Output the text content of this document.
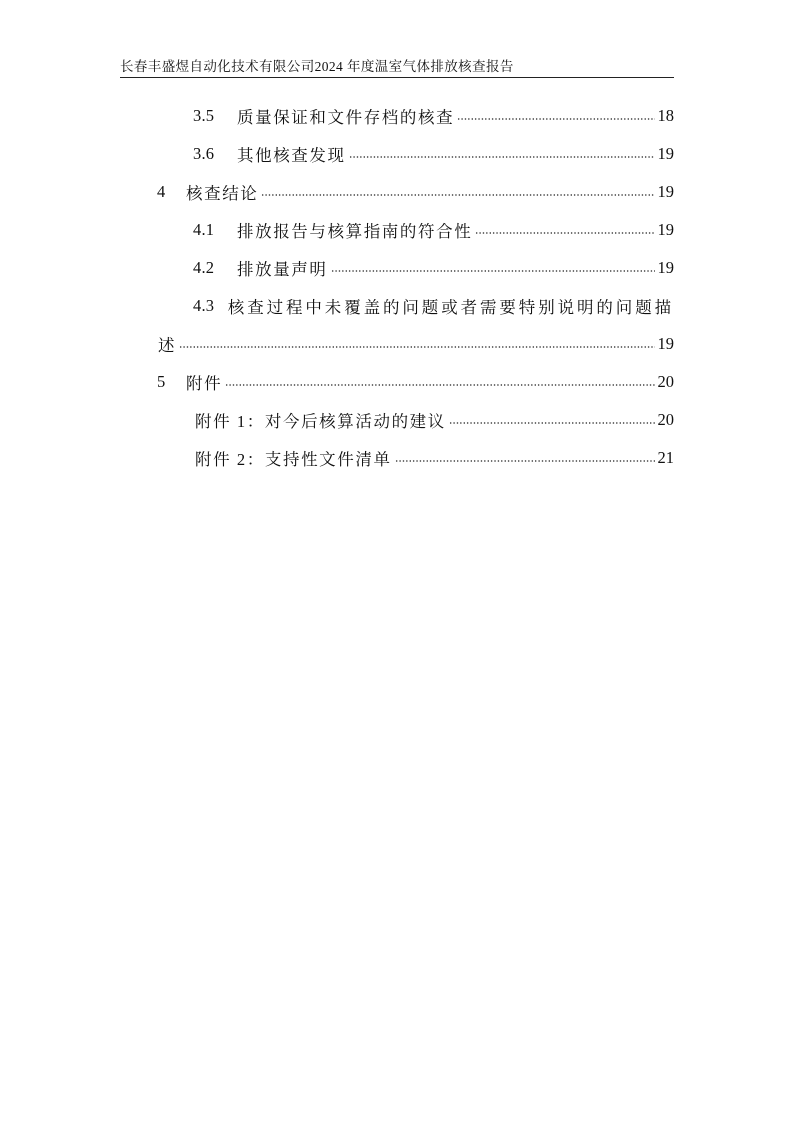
长春丰盛煜自动化技术有限公司2024 年度温室气体排放核查报告
3.5	质量保证和文件存档的核查	18
3.6	其他核查发现	19
4	核查结论	19
4.1	排放报告与核算指南的符合性	19
4.2	排放量声明	19
4.3 核查过程中未覆盖的问题或者需要特别说明的问题描
述	19
5	附件	20
附件 1：对今后核算活动的建议	20
附件 2：支持性文件清单	21
